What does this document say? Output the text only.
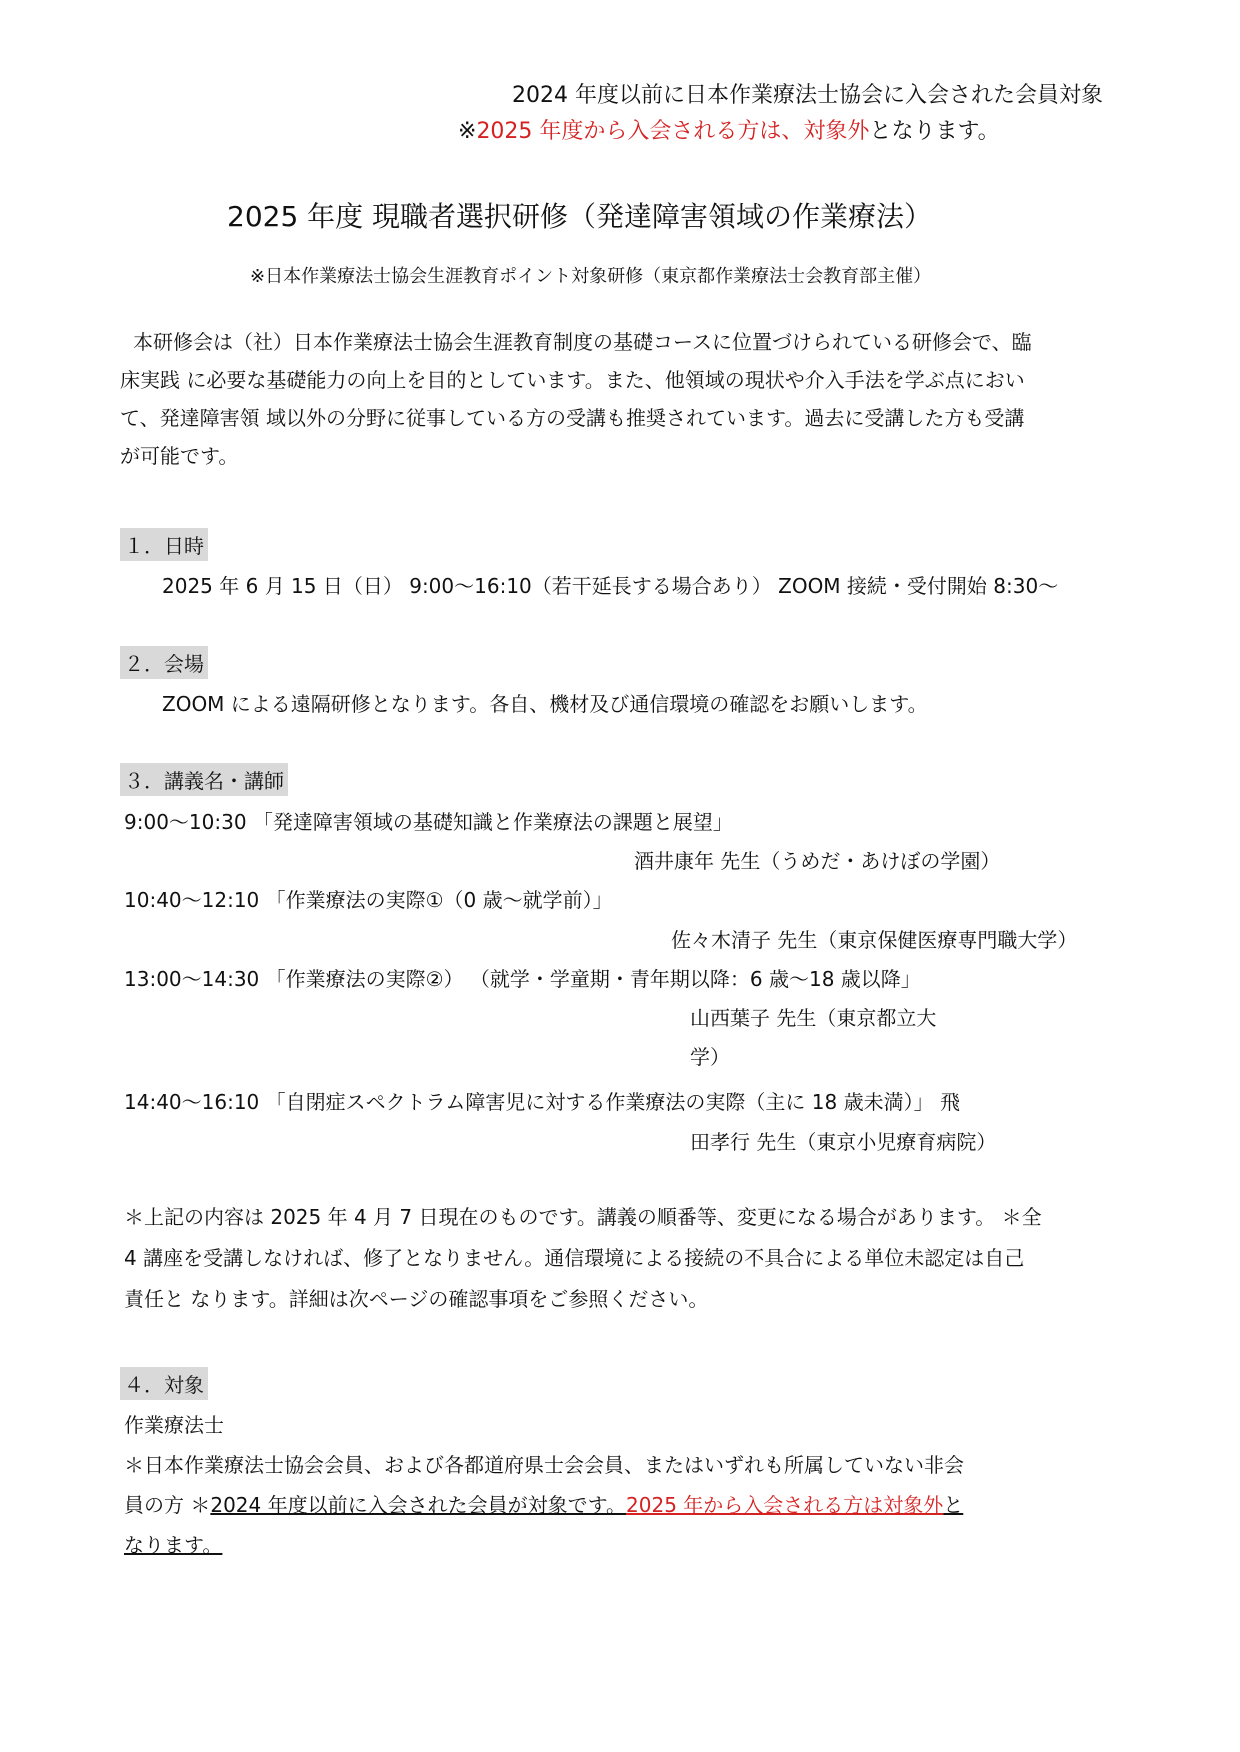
2024 年度以前に日本作業療法士協会に入会された会員対象
※2025 年度から入会される方は、対象外となります。
2025 年度 現職者選択研修（発達障害領域の作業療法）
※日本作業療法士協会生涯教育ポイント対象研修（東京都作業療法士会教育部主催）
本研修会は（社）日本作業療法士協会生涯教育制度の基礎コースに位置づけられている研修会で、臨
床実践 に必要な基礎能力の向上を目的としています。また、他領域の現状や介入手法を学ぶ点におい
て、発達障害領 域以外の分野に従事している方の受講も推奨されています。過去に受講した方も受講
が可能です。
１．日時
2025 年 6 月 15 日（日） 9:00～16:10（若干延長する場合あり） ZOOM 接続・受付開始 8:30～
２．会場
ZOOM による遠隔研修となります。各自、機材及び通信環境の確認をお願いします。
３．講義名・講師
9:00～10:30 「発達障害領域の基礎知識と作業療法の課題と展望」
酒井康年 先生（うめだ・あけぼの学園）
10:40～12:10 「作業療法の実際①（0 歳～就学前）」
佐々木清子 先生（東京保健医療専門職大学）
13:00～14:30 「作業療法の実際②） （就学・学童期・青年期以降：6 歳～18 歳以降」
山西葉子 先生（東京都立大
学）
14:40～16:10 「自閉症スペクトラム障害児に対する作業療法の実際（主に 18 歳未満）」 飛
田孝行 先生（東京小児療育病院）
＊上記の内容は 2025 年 4 月 7 日現在のものです。講義の順番等、変更になる場合があります。 ＊全
4 講座を受講しなければ、修了となりません。通信環境による接続の不具合による単位未認定は自己
責任と なります。詳細は次ページの確認事項をご参照ください。
４．対象
作業療法士
＊日本作業療法士協会会員、および各都道府県士会会員、またはいずれも所属していない非会
員の方 ＊2024 年度以前に入会された会員が対象です。2025 年から入会される方は対象外と
なります。
